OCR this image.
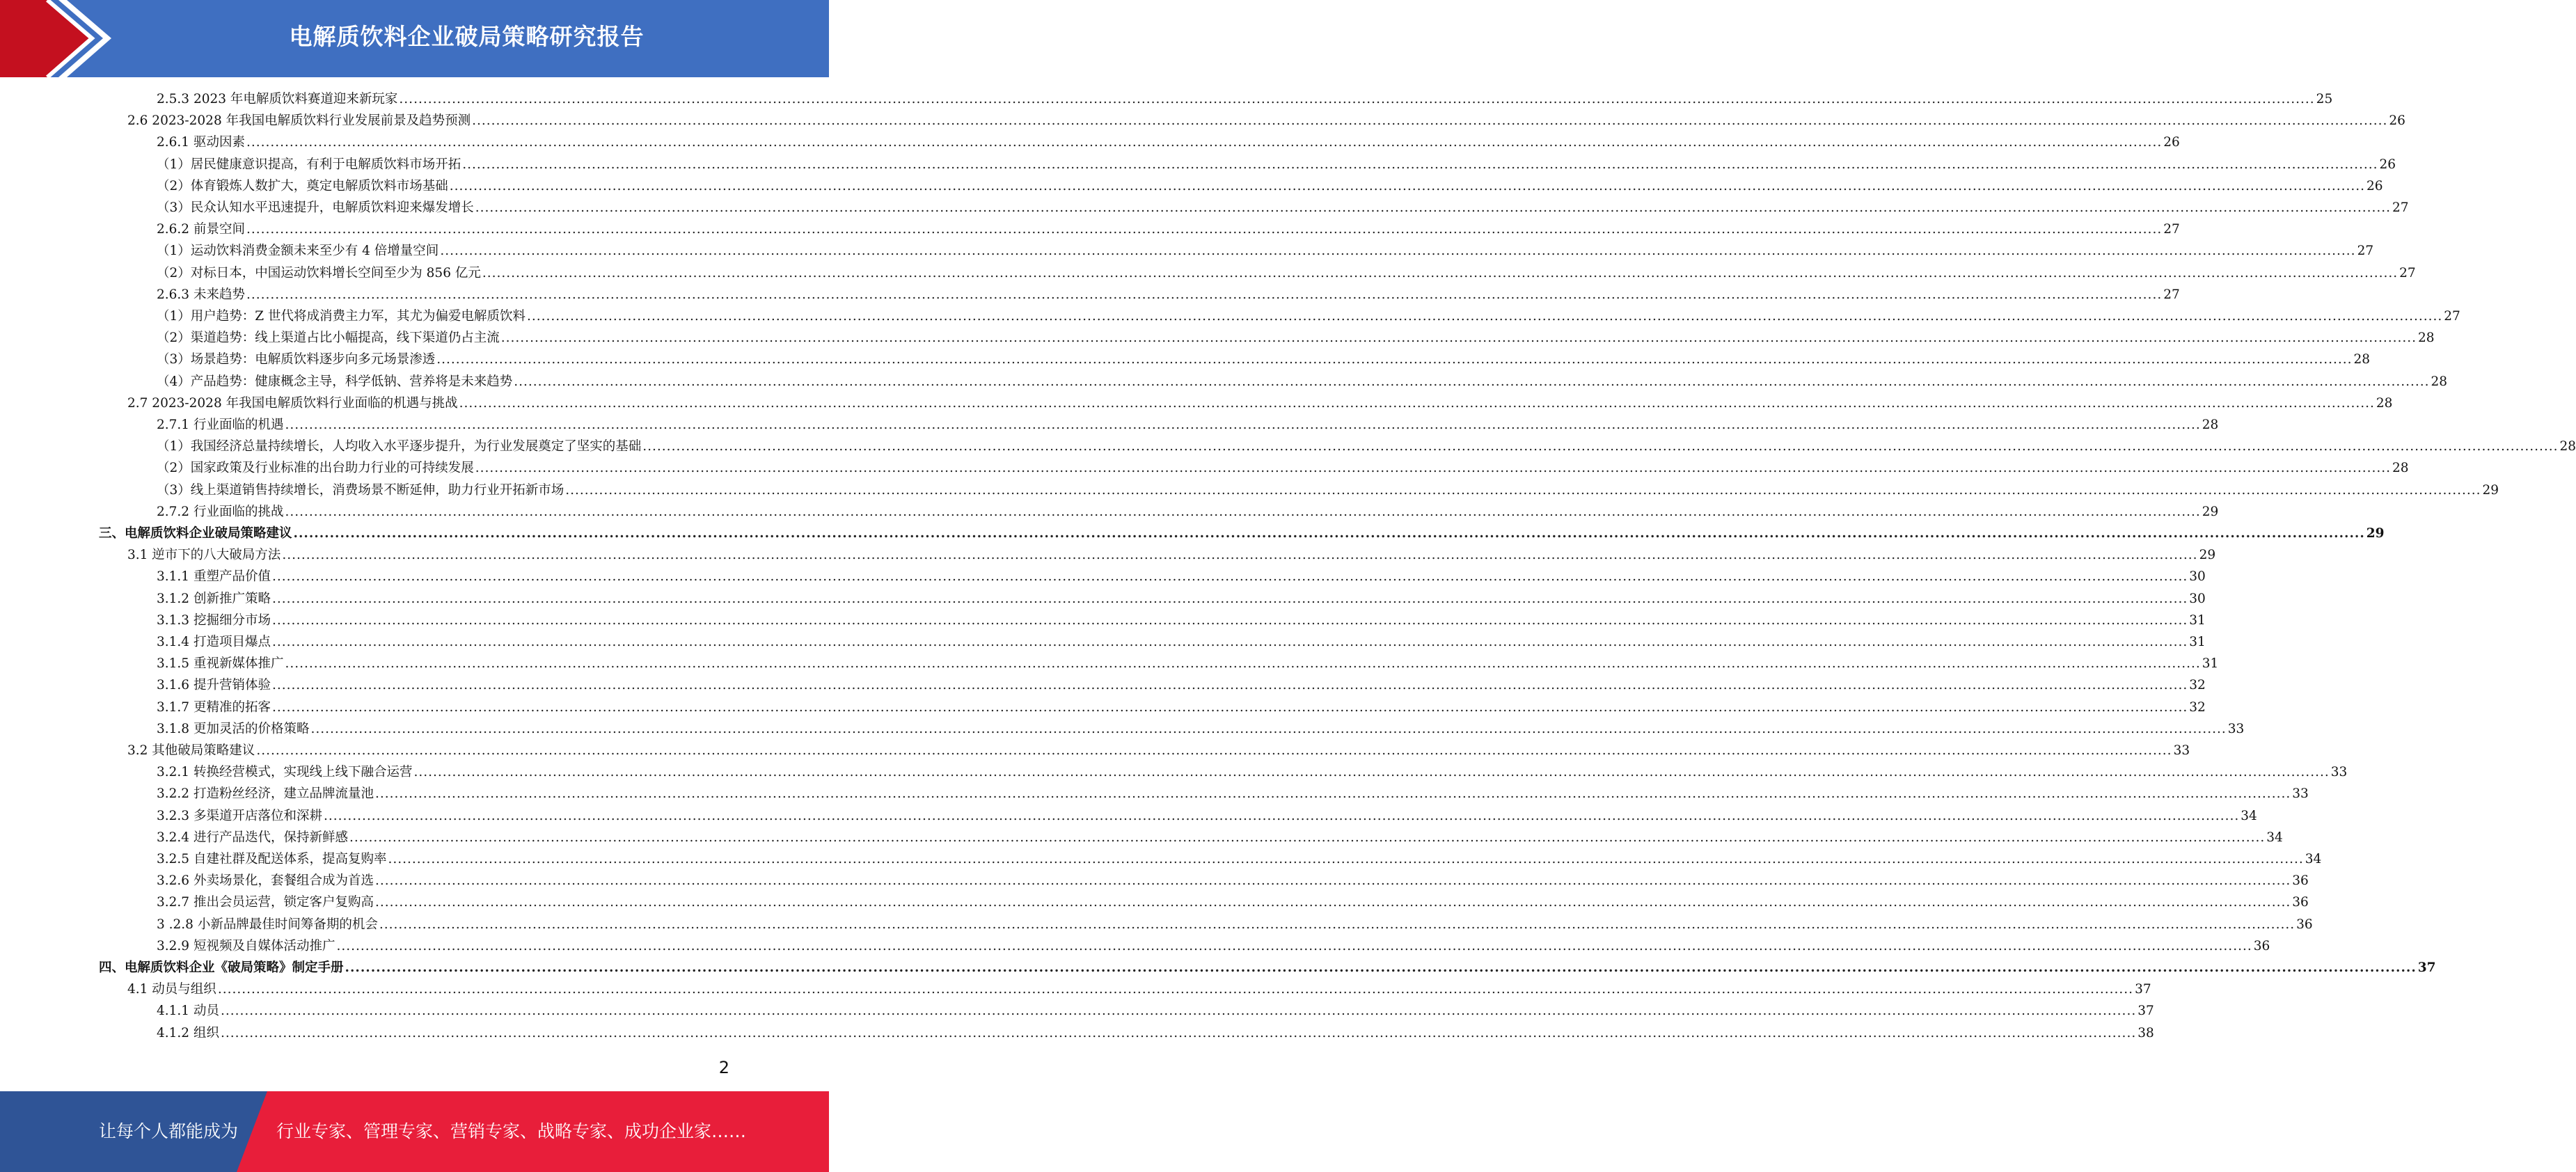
电解质饮料企业破局策略研究报告
2.5.3 2023 年电解质饮料赛道迎来新玩家 ................................................................................................................................................................................................................................................................................................................................................................................................................ 25
2.6 2023-2028 年我国电解质饮料行业发展前景及趋势预测 ................................................................................................................................................................................................................................................................................................................................................................................................................ 26
2.6.1 驱动因素 ................................................................................................................................................................................................................................................................................................................................................................................................................ 26
（1）居民健康意识提高，有利于电解质饮料市场开拓 ................................................................................................................................................................................................................................................................................................................................................................................................................ 26
（2）体育锻炼人数扩大，奠定电解质饮料市场基础 ................................................................................................................................................................................................................................................................................................................................................................................................................ 26
（3）民众认知水平迅速提升，电解质饮料迎来爆发增长 ................................................................................................................................................................................................................................................................................................................................................................................................................ 27
2.6.2 前景空间 ................................................................................................................................................................................................................................................................................................................................................................................................................ 27
（1）运动饮料消费金额未来至少有 4 倍增量空间 ................................................................................................................................................................................................................................................................................................................................................................................................................ 27
（2）对标日本，中国运动饮料增长空间至少为 856 亿元 ................................................................................................................................................................................................................................................................................................................................................................................................................ 27
2.6.3 未来趋势 ................................................................................................................................................................................................................................................................................................................................................................................................................ 27
（1）用户趋势：Z 世代将成消费主力军，其尤为偏爱电解质饮料 ................................................................................................................................................................................................................................................................................................................................................................................................................ 27
（2）渠道趋势：线上渠道占比小幅提高，线下渠道仍占主流 ................................................................................................................................................................................................................................................................................................................................................................................................................ 28
（3）场景趋势：电解质饮料逐步向多元场景渗透 ................................................................................................................................................................................................................................................................................................................................................................................................................ 28
（4）产品趋势：健康概念主导，科学低钠、营养将是未来趋势 ................................................................................................................................................................................................................................................................................................................................................................................................................ 28
2.7 2023-2028 年我国电解质饮料行业面临的机遇与挑战 ................................................................................................................................................................................................................................................................................................................................................................................................................ 28
2.7.1 行业面临的机遇 ................................................................................................................................................................................................................................................................................................................................................................................................................ 28
（1）我国经济总量持续增长，人均收入水平逐步提升，为行业发展奠定了坚实的基础 ................................................................................................................................................................................................................................................................................................................................................................................................................ 28
（2）国家政策及行业标准的出台助力行业的可持续发展 ................................................................................................................................................................................................................................................................................................................................................................................................................ 28
（3）线上渠道销售持续增长，消费场景不断延伸，助力行业开拓新市场 ................................................................................................................................................................................................................................................................................................................................................................................................................ 29
2.7.2 行业面临的挑战 ................................................................................................................................................................................................................................................................................................................................................................................................................ 29
三、电解质饮料企业破局策略建议 ................................................................................................................................................................................................................................................................................................................................................................................................................ 29
3.1 逆市下的八大破局方法 ................................................................................................................................................................................................................................................................................................................................................................................................................ 29
3.1.1 重塑产品价值 ................................................................................................................................................................................................................................................................................................................................................................................................................ 30
3.1.2 创新推广策略 ................................................................................................................................................................................................................................................................................................................................................................................................................ 30
3.1.3 挖掘细分市场 ................................................................................................................................................................................................................................................................................................................................................................................................................ 31
3.1.4 打造项目爆点 ................................................................................................................................................................................................................................................................................................................................................................................................................ 31
3.1.5 重视新媒体推广 ................................................................................................................................................................................................................................................................................................................................................................................................................ 31
3.1.6 提升营销体验 ................................................................................................................................................................................................................................................................................................................................................................................................................ 32
3.1.7 更精准的拓客 ................................................................................................................................................................................................................................................................................................................................................................................................................ 32
3.1.8 更加灵活的价格策略 ................................................................................................................................................................................................................................................................................................................................................................................................................ 33
3.2 其他破局策略建议 ................................................................................................................................................................................................................................................................................................................................................................................................................ 33
3.2.1 转换经营模式，实现线上线下融合运营 ................................................................................................................................................................................................................................................................................................................................................................................................................ 33
3.2.2 打造粉丝经济，建立品牌流量池 ................................................................................................................................................................................................................................................................................................................................................................................................................ 33
3.2.3 多渠道开店落位和深耕 ................................................................................................................................................................................................................................................................................................................................................................................................................ 34
3.2.4 进行产品迭代，保持新鲜感 ................................................................................................................................................................................................................................................................................................................................................................................................................ 34
3.2.5 自建社群及配送体系，提高复购率 ................................................................................................................................................................................................................................................................................................................................................................................................................ 34
3.2.6 外卖场景化，套餐组合成为首选 ................................................................................................................................................................................................................................................................................................................................................................................................................ 36
3.2.7 推出会员运营，锁定客户复购高 ................................................................................................................................................................................................................................................................................................................................................................................................................ 36
3 .2.8 小新品牌最佳时间筹备期的机会 ................................................................................................................................................................................................................................................................................................................................................................................................................ 36
3.2.9 短视频及自媒体活动推广 ................................................................................................................................................................................................................................................................................................................................................................................................................ 36
四、电解质饮料企业《破局策略》制定手册 ................................................................................................................................................................................................................................................................................................................................................................................................................ 37
4.1 动员与组织 ................................................................................................................................................................................................................................................................................................................................................................................................................ 37
4.1.1 动员 ................................................................................................................................................................................................................................................................................................................................................................................................................ 37
4.1.2 组织 ................................................................................................................................................................................................................................................................................................................................................................................................................ 38
2
让每个人都能成为 行业专家、管理专家、营销专家、战略专家、成功企业家……
